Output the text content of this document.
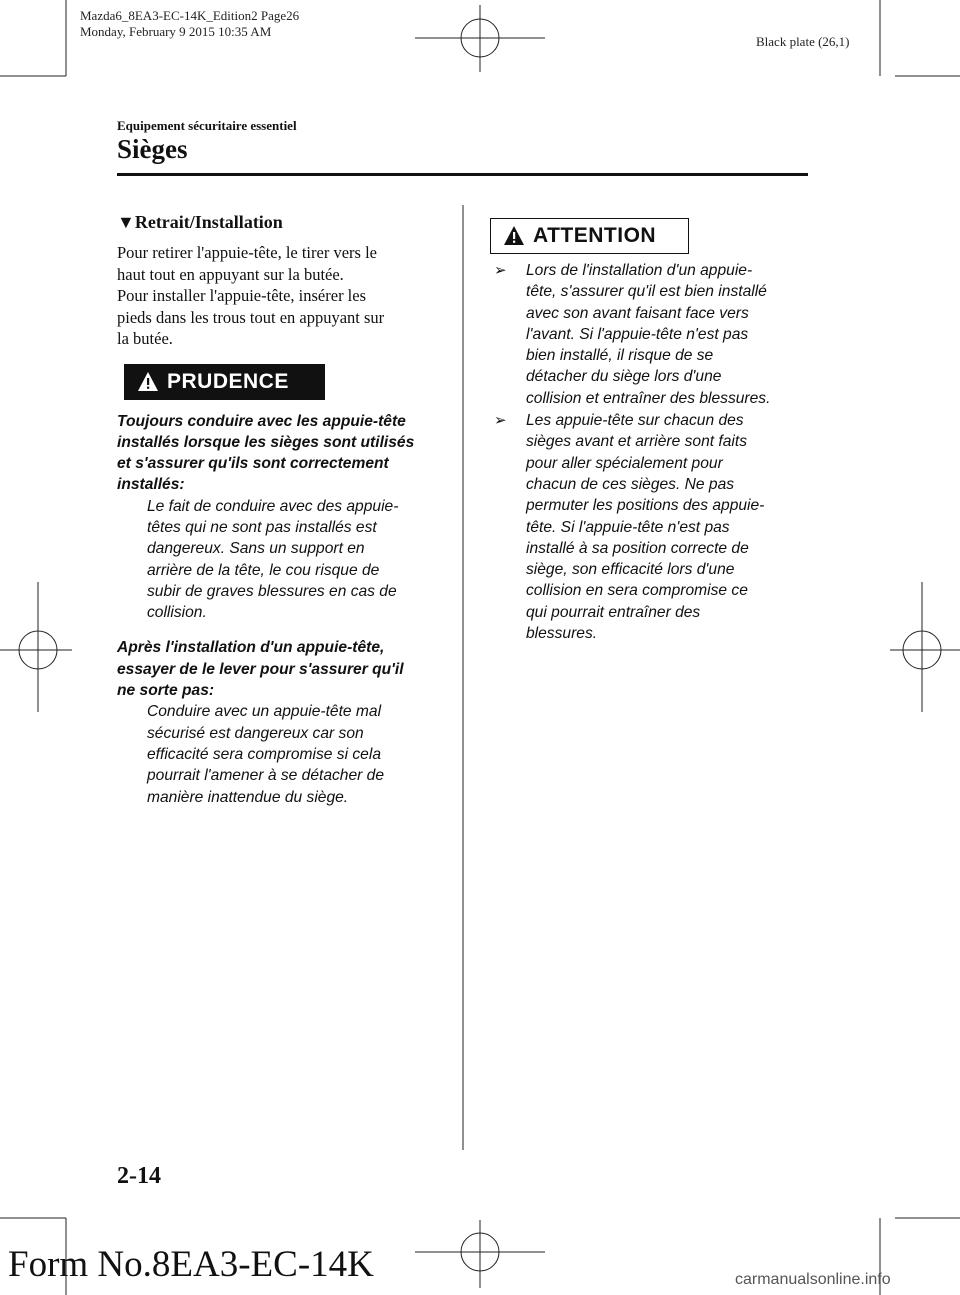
Mazda6_8EA3-EC-14K_Edition2 Page26
Monday, February 9 2015 10:35 AM
Black plate (26,1)
Equipement sécuritaire essentiel
Sièges
▼Retrait/Installation
Pour retirer l'appuie-tête, le tirer vers le
haut tout en appuyant sur la butée.
Pour installer l'appuie-tête, insérer les
pieds dans les trous tout en appuyant sur
la butée.
PRUDENCE
Toujours conduire avec les appuie-tête
installés lorsque les sièges sont utilisés
et s'assurer qu'ils sont correctement
installés:
Le fait de conduire avec des appuie-
têtes qui ne sont pas installés est
dangereux. Sans un support en
arrière de la tête, le cou risque de
subir de graves blessures en cas de
collision.
Après l'installation d'un appuie-tête,
essayer de le lever pour s'assurer qu'il
ne sorte pas:
Conduire avec un appuie-tête mal
sécurisé est dangereux car son
efficacité sera compromise si cela
pourrait l'amener à se détacher de
manière inattendue du siège.
ATTENTION
➢ Lors de l'installation d'un appuie-
tête, s'assurer qu'il est bien installé
avec son avant faisant face vers
l'avant. Si l'appuie-tête n'est pas
bien installé, il risque de se
détacher du siège lors d'une
collision et entraîner des blessures.
➢ Les appuie-tête sur chacun des
sièges avant et arrière sont faits
pour aller spécialement pour
chacun de ces sièges. Ne pas
permuter les positions des appuie-
tête. Si l'appuie-tête n'est pas
installé à sa position correcte de
siège, son efficacité lors d'une
collision en sera compromise ce
qui pourrait entraîner des
blessures.
2-14
Form No.8EA3-EC-14K	carmanualsonline.info
